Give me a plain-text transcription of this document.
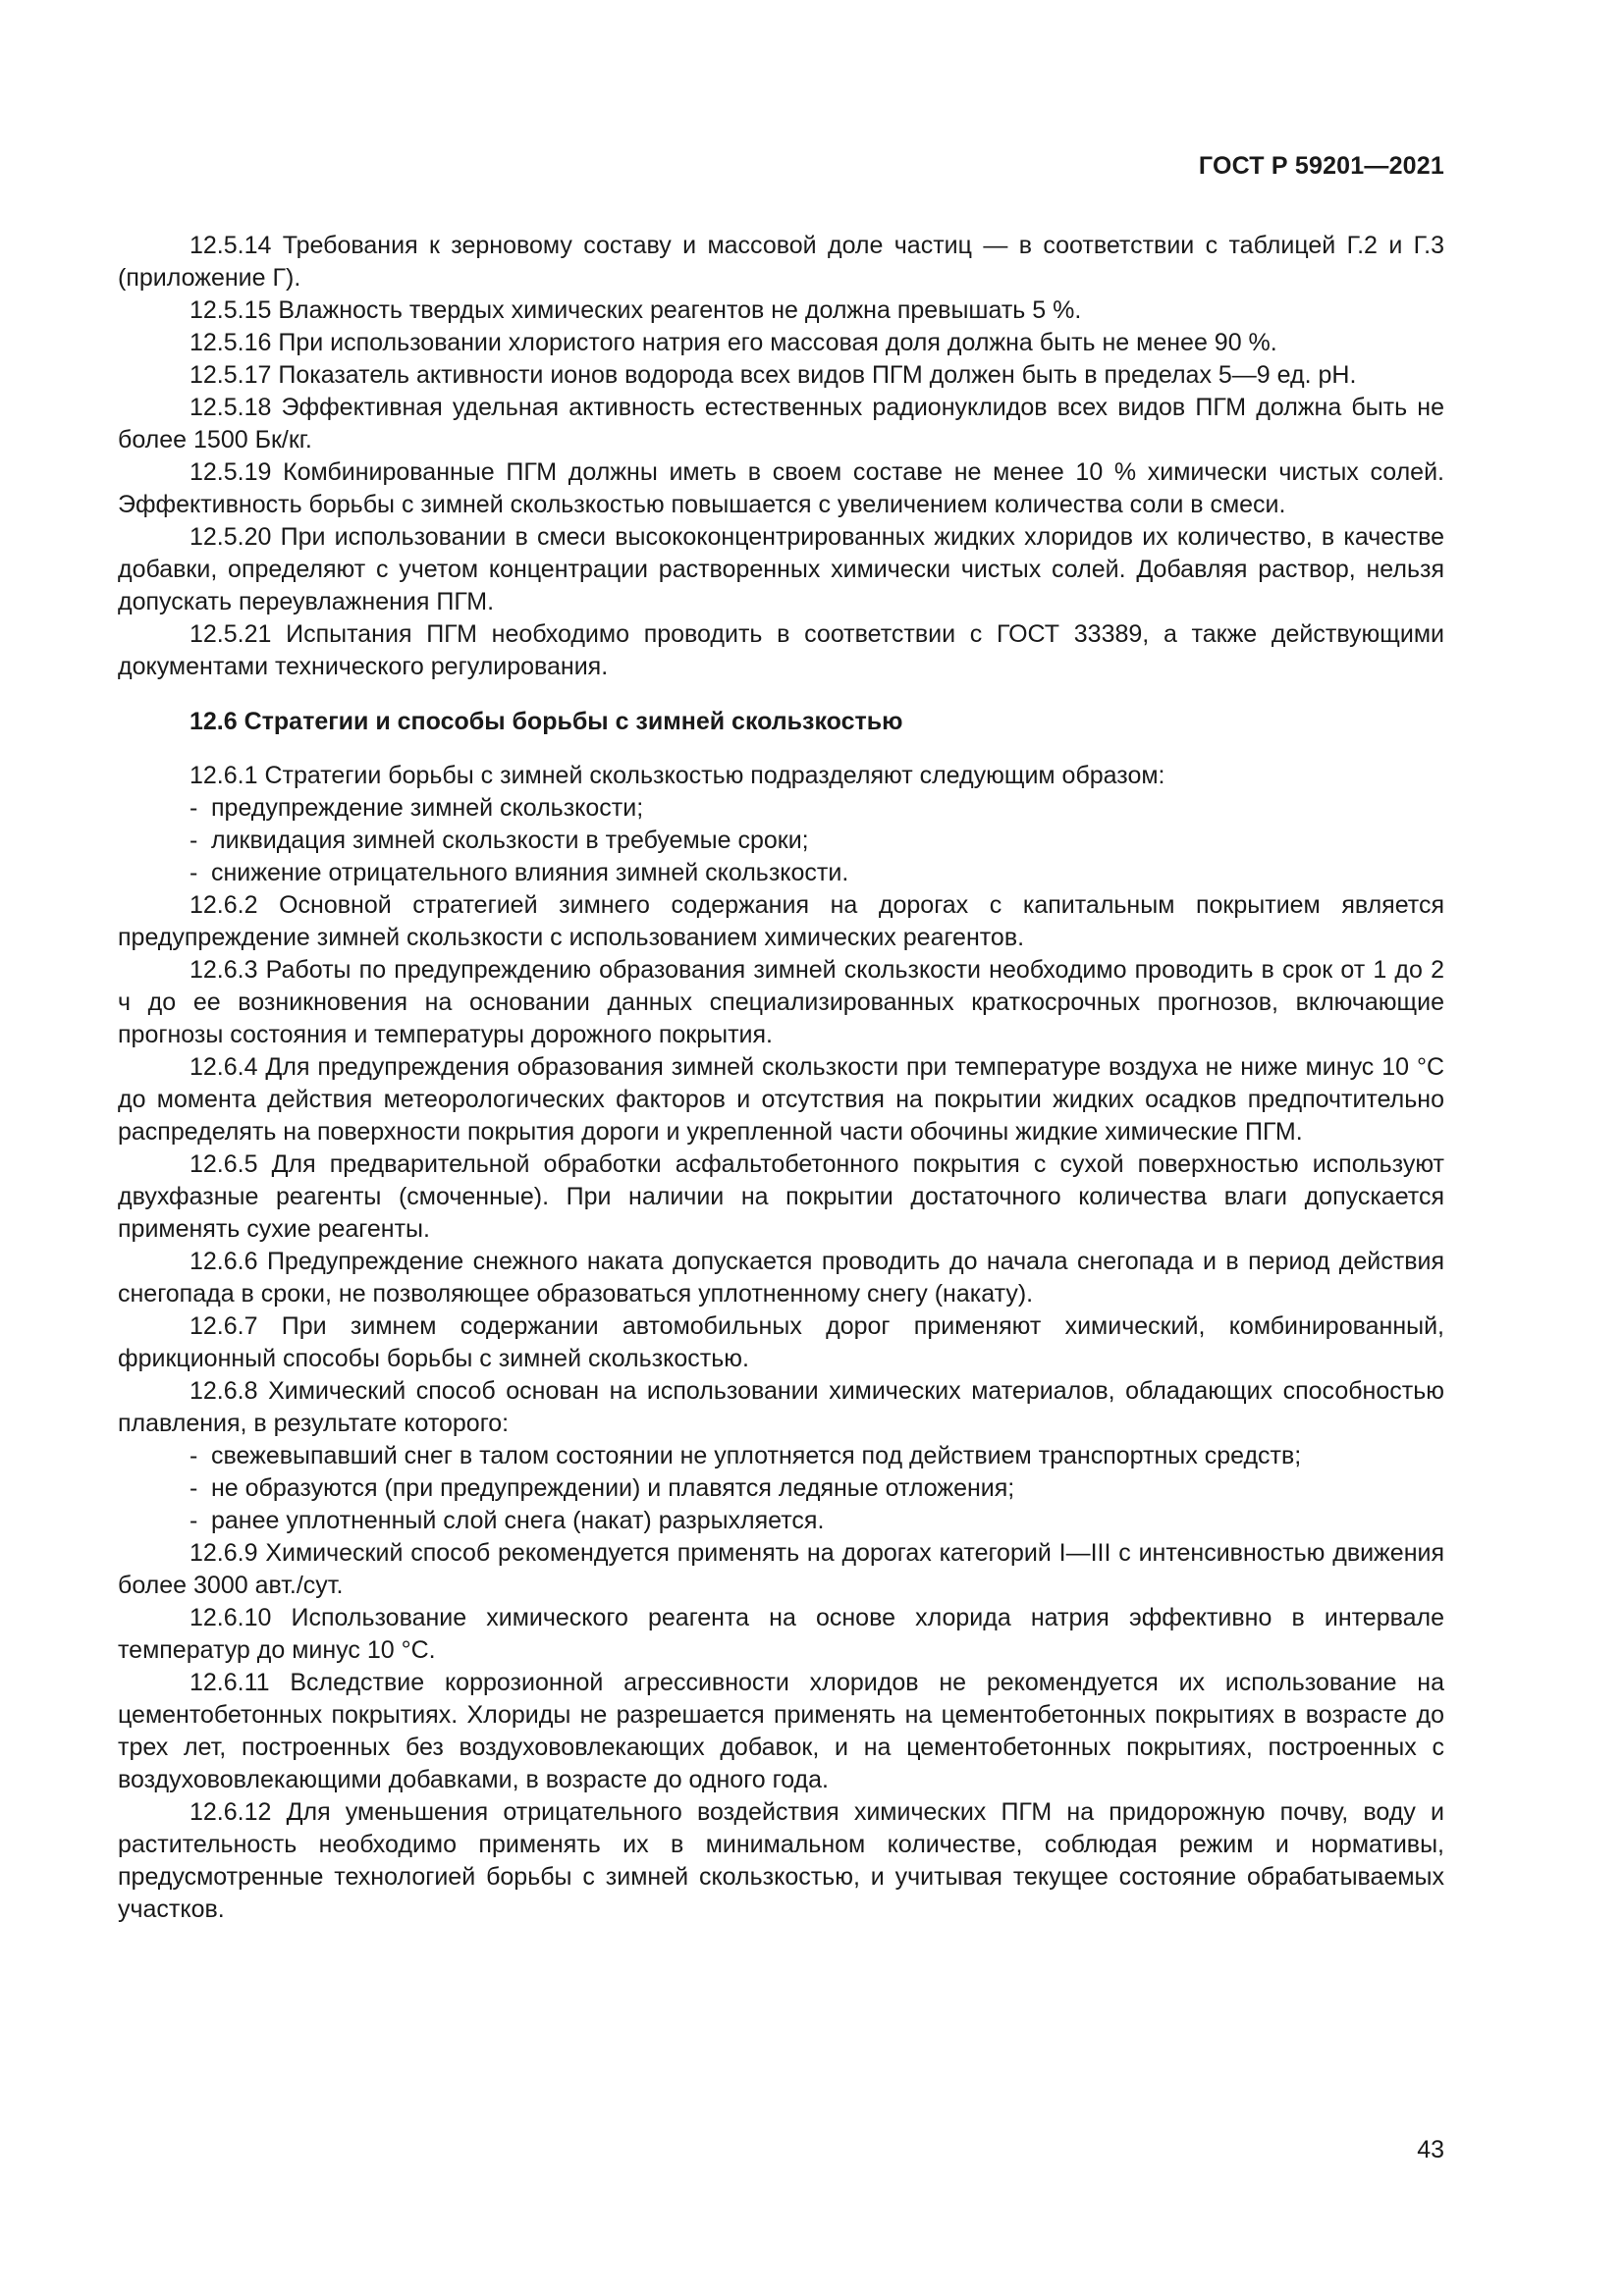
ГОСТ Р 59201—2021

12.5.14 Требования к зерновому составу и массовой доле частиц — в соответствии с таблицей Г.2 и Г.3 (приложение Г).

12.5.15 Влажность твердых химических реагентов не должна превышать 5 %.

12.5.16 При использовании хлористого натрия его массовая доля должна быть не менее 90 %.

12.5.17 Показатель активности ионов водорода всех видов ПГМ должен быть в пределах 5—9 ед. рН.

12.5.18 Эффективная удельная активность естественных радионуклидов всех видов ПГМ должна быть не более 1500 Бк/кг.

12.5.19 Комбинированные ПГМ должны иметь в своем составе не менее 10 % химически чистых солей. Эффективность борьбы с зимней скользкостью повышается с увеличением количества соли в смеси.

12.5.20 При использовании в смеси высококонцентрированных жидких хлоридов их количество, в качестве добавки, определяют с учетом концентрации растворенных химически чистых солей. Добавляя раствор, нельзя допускать переувлажнения ПГМ.

12.5.21 Испытания ПГМ необходимо проводить в соответствии с ГОСТ 33389, а также действующими документами технического регулирования.

12.6 Стратегии и способы борьбы с зимней скользкостью

12.6.1 Стратегии борьбы с зимней скользкостью подразделяют следующим образом:

- предупреждение зимней скользкости;
- ликвидация зимней скользкости в требуемые сроки;
- снижение отрицательного влияния зимней скользкости.

12.6.2 Основной стратегией зимнего содержания на дорогах с капитальным покрытием является предупреждение зимней скользкости с использованием химических реагентов.

12.6.3 Работы по предупреждению образования зимней скользкости необходимо проводить в срок от 1 до 2 ч до ее возникновения на основании данных специализированных краткосрочных прогнозов, включающие прогнозы состояния и температуры дорожного покрытия.

12.6.4 Для предупреждения образования зимней скользкости при температуре воздуха не ниже минус 10 °С до момента действия метеорологических факторов и отсутствия на покрытии жидких осадков предпочтительно распределять на поверхности покрытия дороги и укрепленной части обочины жидкие химические ПГМ.

12.6.5 Для предварительной обработки асфальтобетонного покрытия с сухой поверхностью используют двухфазные реагенты (смоченные). При наличии на покрытии достаточного количества влаги допускается применять сухие реагенты.

12.6.6 Предупреждение снежного наката допускается проводить до начала снегопада и в период действия снегопада в сроки, не позволяющее образоваться уплотненному снегу (накату).

12.6.7 При зимнем содержании автомобильных дорог применяют химический, комбинированный, фрикционный способы борьбы с зимней скользкостью.

12.6.8 Химический способ основан на использовании химических материалов, обладающих способностью плавления, в результате которого:

- свежевыпавший снег в талом состоянии не уплотняется под действием транспортных средств;
- не образуются (при предупреждении) и плавятся ледяные отложения;
- ранее уплотненный слой снега (накат) разрыхляется.

12.6.9 Химический способ рекомендуется применять на дорогах категорий I—III с интенсивностью движения более 3000 авт./сут.

12.6.10 Использование химического реагента на основе хлорида натрия эффективно в интервале температур до минус 10 °С.

12.6.11 Вследствие коррозионной агрессивности хлоридов не рекомендуется их использование на цементобетонных покрытиях. Хлориды не разрешается применять на цементобетонных покрытиях в возрасте до трех лет, построенных без воздухововлекающих добавок, и на цементобетонных покрытиях, построенных с воздухововлекающими добавками, в возрасте до одного года.

12.6.12 Для уменьшения отрицательного воздействия химических ПГМ на придорожную почву, воду и растительность необходимо применять их в минимальном количестве, соблюдая режим и нормативы, предусмотренные технологией борьбы с зимней скользкостью, и учитывая текущее состояние обрабатываемых участков.

43
